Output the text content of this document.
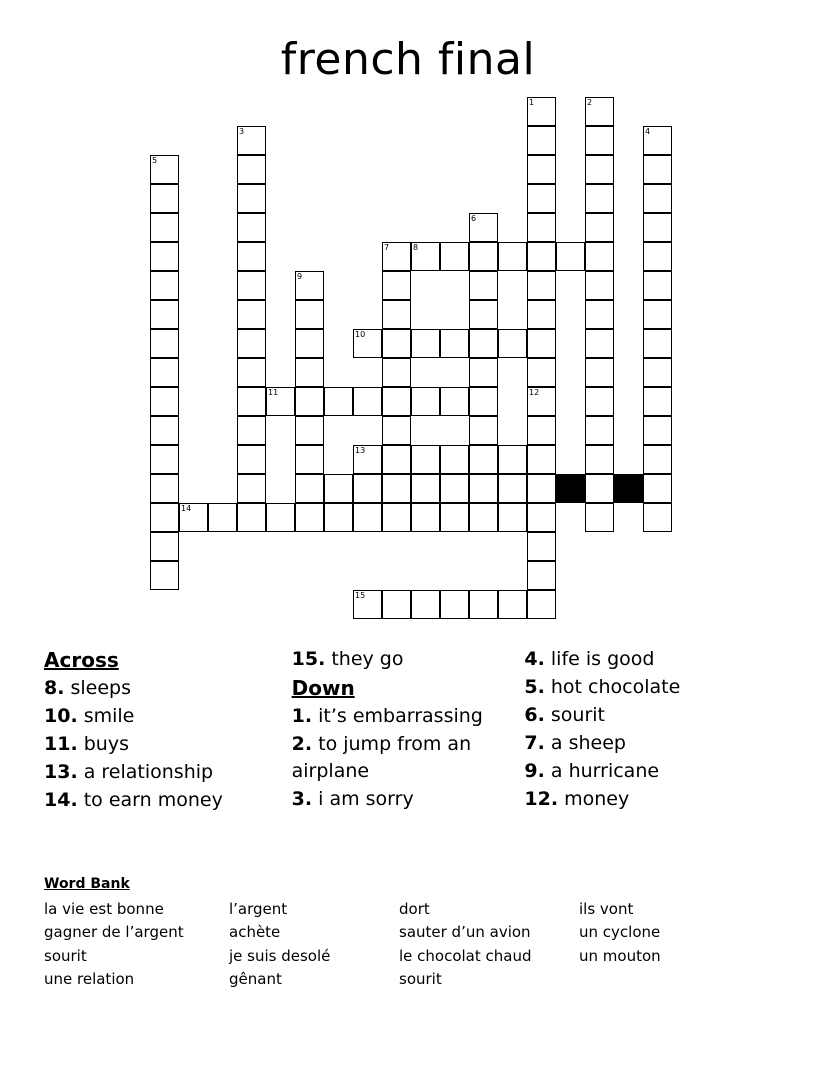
french final
1	2
3	4
5
6
7	8
9
10
11	12
13
14
15
Across
8. sleeps
10. smile
11. buys
13. a relationship
14. to earn money
15. they go
Down
1. it’s embarrassing
2. to jump from an airplane
3. i am sorry
4. life is good
5. hot chocolate
6. sourit
7. a sheep
9. a hurricane
12. money
Word Bank
la vie est bonne
gagner de l’argent
sourit
une relation
l’argent
achète
je suis desolé
gênant
dort
sauter d’un avion
le chocolat chaud
sourit
ils vont
un cyclone
un mouton
